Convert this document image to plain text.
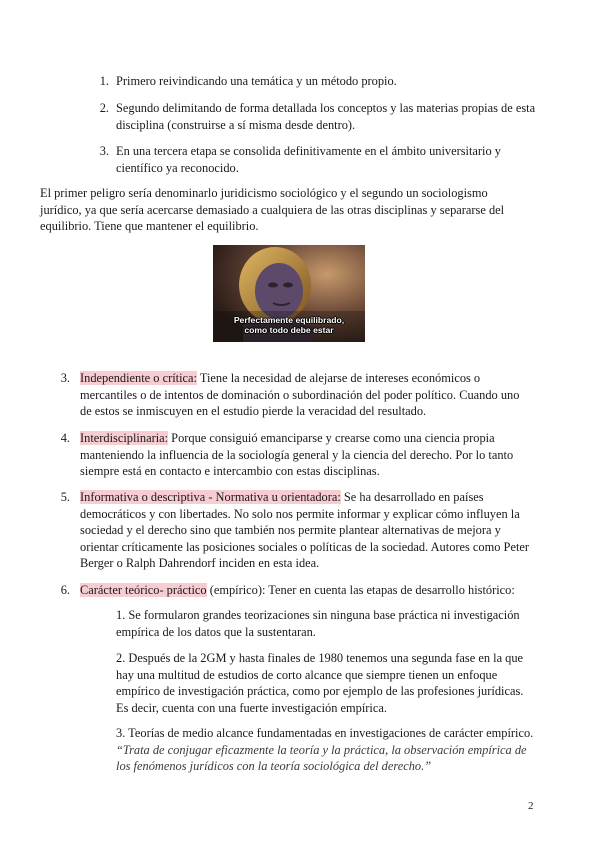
1. Primero reivindicando una temática y un método propio.

2. Segundo delimitando de forma detallada los conceptos y las materias propias de esta disciplina (construirse a sí misma desde dentro).

3. En una tercera etapa se consolida definitivamente en el ámbito universitario y científico ya reconocido.

El primer peligro sería denominarlo juridicismo sociológico y el segundo un sociologismo jurídico, ya que sería acercarse demasiado a cualquiera de las otras disciplinas y separarse del equilibrio. Tiene que mantener el equilibrio.

Perfectamente equilibrado,
como todo debe estar
3. Independiente o crítica: Tiene la necesidad de alejarse de intereses económicos o mercantiles o de intentos de dominación o subordinación del poder político. Cuando uno de estos se inmiscuyen en el estudio pierde la veracidad del resultado.

4. Interdisciplinaria: Porque consiguió emanciparse y crearse como una ciencia propia manteniendo la influencia de la sociología general y la ciencia del derecho. Por lo tanto siempre está en contacto e intercambio con estas disciplinas.

5. Informativa o descriptiva - Normativa u orientadora: Se ha desarrollado en países democráticos y con libertades. No solo nos permite informar y explicar cómo influyen la sociedad y el derecho sino que también nos permite plantear alternativas de mejora y orientar críticamente las posiciones sociales o políticas de la sociedad. Autores como Peter Berger o Ralph Dahrendorf inciden en esta idea.

6. Carácter teórico- práctico (empírico): Tener en cuenta las etapas de desarrollo histórico:

1. Se formularon grandes teorizaciones sin ninguna base práctica ni investigación empírica de los datos que la sustentaran.

2. Después de la 2GM y hasta finales de 1980 tenemos una segunda fase en la que hay una multitud de estudios de corto alcance que siempre tienen un enfoque empírico de investigación práctica, como por ejemplo de las profesiones jurídicas. Es decir, cuenta con una fuerte investigación empírica.

3. Teorías de medio alcance fundamentadas en investigaciones de carácter empírico. “Trata de conjugar eficazmente la teoría y la práctica, la observación empírica de los fenómenos jurídicos con la teoría sociológica del derecho.”

2
